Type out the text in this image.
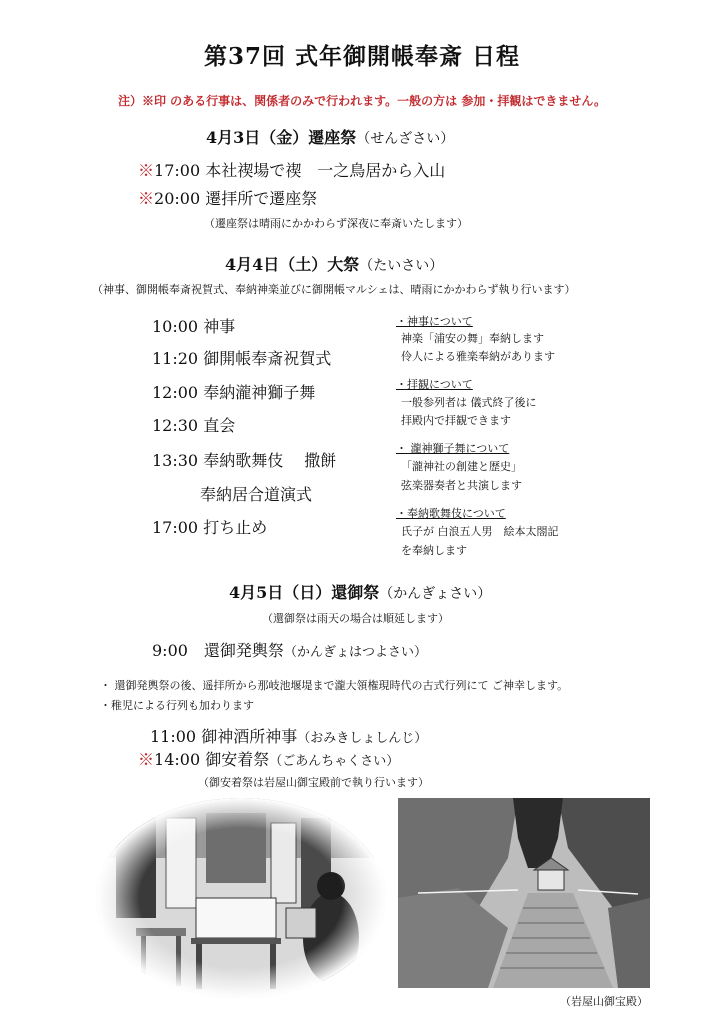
第37回 式年御開帳奉斎 日程
注）※印 のある行事は、関係者のみで行われます。一般の方は 参加・拝観はできません。
4月3日（金）遷座祭（せんざさい）
※17:00 本社禊場で禊　一之鳥居から入山
※20:00 遷拝所で遷座祭
（遷座祭は晴雨にかかわらず深夜に奉斎いたします）
4月4日（土）大祭（たいさい）
（神事、御開帳奉斎祝賀式、奉納神楽並びに御開帳マルシェは、晴雨にかかわらず執り行います）
10:00 神事
11:20 御開帳奉斎祝賀式
12:00 奉納瀧神獅子舞
12:30 直会
13:30 奉納歌舞伎　 撒餅
奉納居合道演式
17:00 打ち止め
・神事について
神楽「浦安の舞」奉納します
伶人による雅楽奉納があります
・拝観について
一般参列者は 儀式終了後に
拝殿内で拝観できます
・ 瀧神獅子舞について
「瀧神社の創建と歴史」
弦楽器奏者と共演します
・奉納歌舞伎について
氏子が 白浪五人男　絵本太閤記
を奉納します
4月5日（日）還御祭（かんぎょさい）
（還御祭は雨天の場合は順延します）
9:00　還御発輿祭（かんぎょはつよさい）
・ 還御発輿祭の後、遥拝所から那岐池堰堤まで瀧大領権現時代の古式行列にて ご神幸します。
・稚児による行列も加わります
11:00 御神酒所神事（おみきしょしんじ）
※14:00 御安着祭（ごあんちゃくさい）
（御安着祭は岩屋山御宝殿前で執り行います）
（岩屋山御宝殿）
